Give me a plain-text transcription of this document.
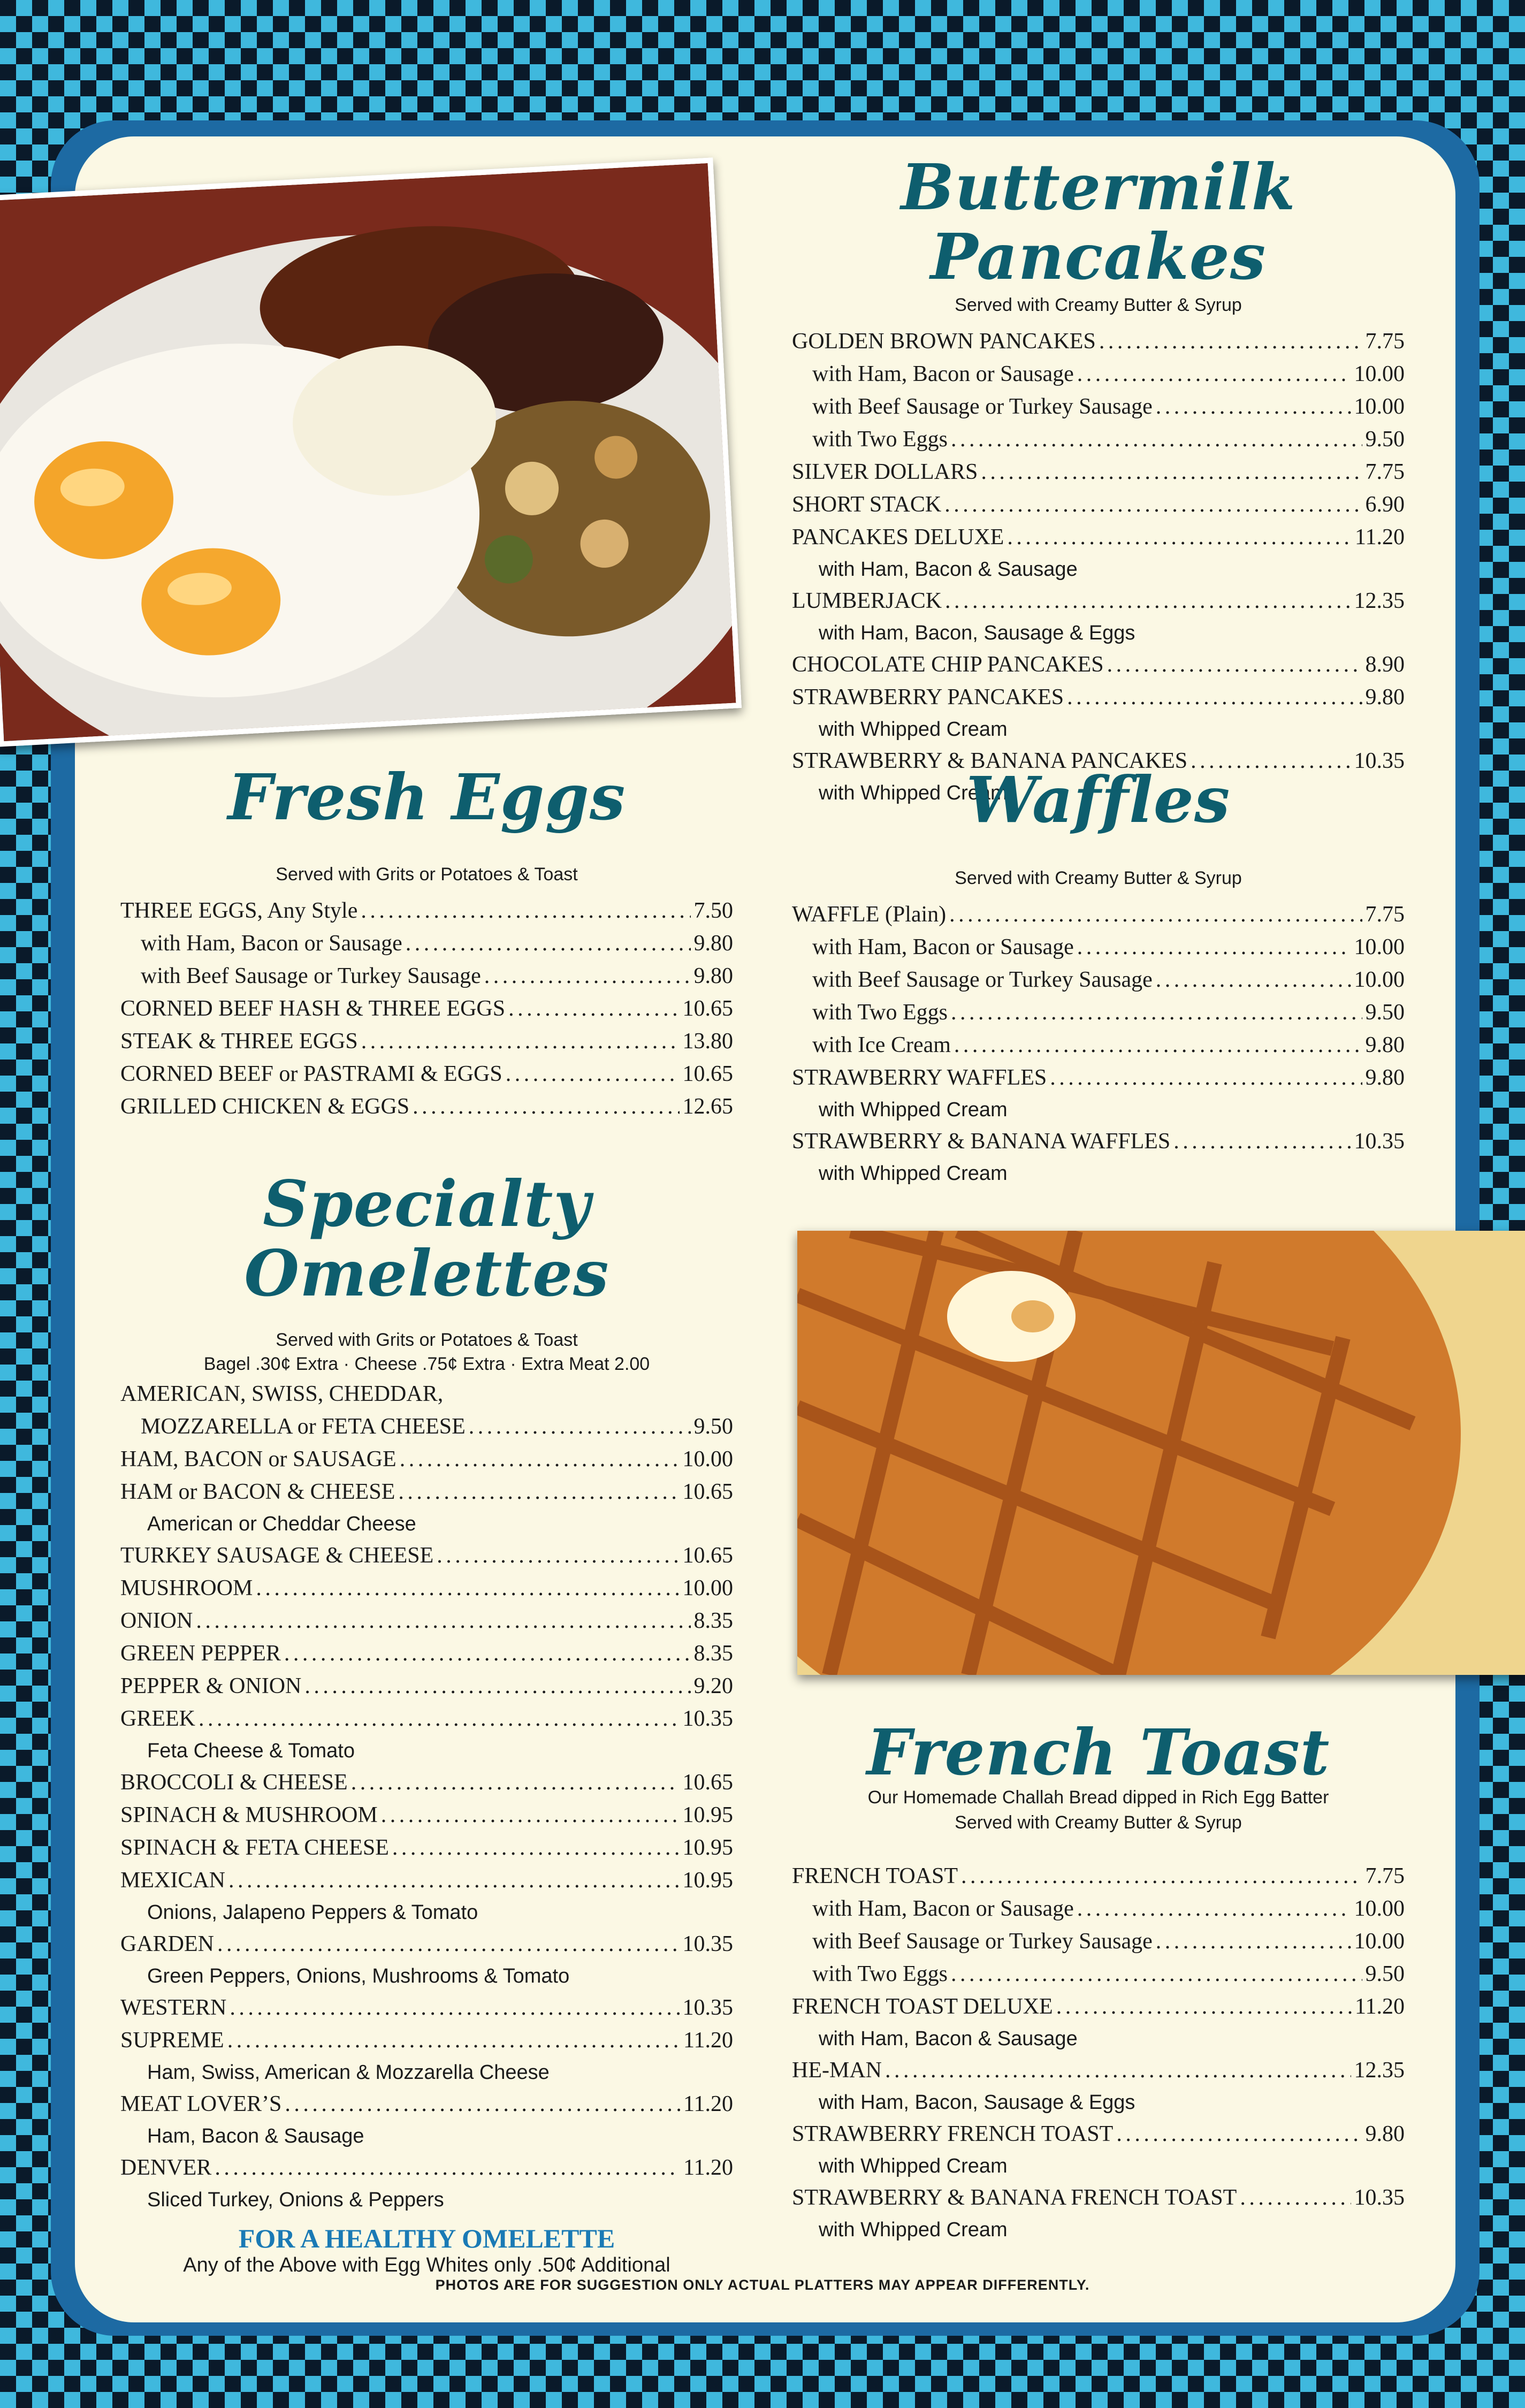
Buttermilk Pancakes

Served with Creamy Butter & Syrup

GOLDEN BROWN PANCAKES . . .	7.75
with Ham, Bacon or Sausage . . .	10.00
with Beef Sausage or Turkey Sausage . . .	10.00
with Two Eggs . . .	9.50
SILVER DOLLARS . . .	7.75
SHORT STACK . . .	6.90
PANCAKES DELUXE . . .	11.20
with Ham, Bacon & Sausage
LUMBERJACK . . .	12.35
with Ham, Bacon, Sausage & Eggs
CHOCOLATE CHIP PANCAKES . . .	8.90
STRAWBERRY PANCAKES . . .	9.80
with Whipped Cream
STRAWBERRY & BANANA PANCAKES . . .	10.35
with Whipped Cream
Fresh Eggs

Served with Grits or Potatoes & Toast

THREE EGGS, Any Style . . .	7.50
with Ham, Bacon or Sausage . . .	9.80
with Beef Sausage or Turkey Sausage . . .	9.80
CORNED BEEF HASH & THREE EGGS . . .	10.65
STEAK & THREE EGGS . . .	13.80
CORNED BEEF or PASTRAMI & EGGS . . .	10.65
GRILLED CHICKEN & EGGS . . .	12.65
Waffles

Served with Creamy Butter & Syrup

WAFFLE (Plain) . . .	7.75
with Ham, Bacon or Sausage . . .	10.00
with Beef Sausage or Turkey Sausage . . .	10.00
with Two Eggs . . .	9.50
with Ice Cream . . .	9.80
STRAWBERRY WAFFLES . . .	9.80
with Whipped Cream
STRAWBERRY & BANANA WAFFLES . . .	10.35
with Whipped Cream
Specialty Omelettes

Served with Grits or Potatoes & Toast

Bagel .30¢ Extra · Cheese .75¢ Extra · Extra Meat 2.00

AMERICAN, SWISS, CHEDDAR,
MOZZARELLA or FETA CHEESE . . .	9.50
HAM, BACON or SAUSAGE . . .	10.00
HAM or BACON & CHEESE . . .	10.65
American or Cheddar Cheese
TURKEY SAUSAGE & CHEESE . . .	10.65
MUSHROOM . . .	10.00
ONION . . .	8.35
GREEN PEPPER . . .	8.35
PEPPER & ONION . . .	9.20
GREEK . . .	10.35
Feta Cheese & Tomato
BROCCOLI & CHEESE . . .	10.65
SPINACH & MUSHROOM . . .	10.95
SPINACH & FETA CHEESE . . .	10.95
MEXICAN . . .	10.95
Onions, Jalapeno Peppers & Tomato
GARDEN . . .	10.35
Green Peppers, Onions, Mushrooms & Tomato
WESTERN . . .	10.35
SUPREME . . .	11.20
Ham, Swiss, American & Mozzarella Cheese
MEAT LOVER’S . . .	11.20
Ham, Bacon & Sausage
DENVER . . .	11.20
Sliced Turkey, Onions & Peppers
FOR A HEALTHY OMELETTE
Any of the Above with Egg Whites only .50¢ Additional
French Toast

Our Homemade Challah Bread dipped in Rich Egg Batter

Served with Creamy Butter & Syrup

FRENCH TOAST . . .	7.75
with Ham, Bacon or Sausage . . .	10.00
with Beef Sausage or Turkey Sausage . . .	10.00
with Two Eggs . . .	9.50
FRENCH TOAST DELUXE . . .	11.20
with Ham, Bacon & Sausage
HE-MAN . . .	12.35
with Ham, Bacon, Sausage & Eggs
STRAWBERRY FRENCH TOAST . . .	9.80
with Whipped Cream
STRAWBERRY & BANANA FRENCH TOAST . . .	10.35
with Whipped Cream
PHOTOS ARE FOR SUGGESTION ONLY ACTUAL PLATTERS MAY APPEAR DIFFERENTLY.
